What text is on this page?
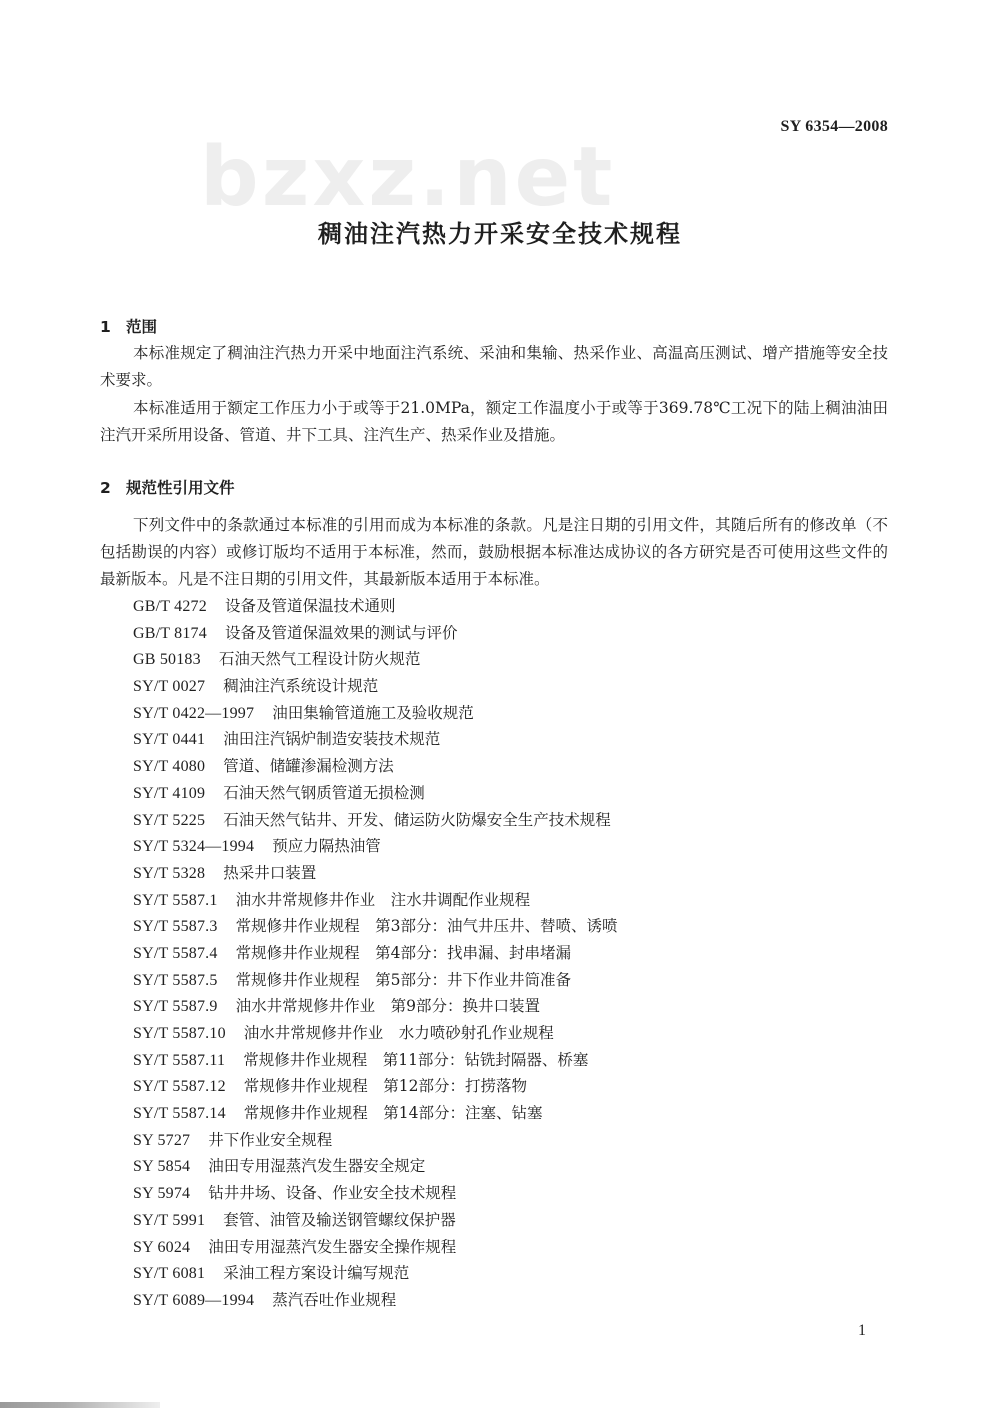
SY 6354—2008
bzxz.net
稠油注汽热力开采安全技术规程
1 范围

本标准规定了稠油注汽热力开采中地面注汽系统、采油和集输、热采作业、高温高压测试、增产措施等安全技术要求。

本标准适用于额定工作压力小于或等于21.0MPa，额定工作温度小于或等于369.78℃工况下的陆上稠油油田注汽开采所用设备、管道、井下工具、注汽生产、热采作业及措施。

2 规范性引用文件

下列文件中的条款通过本标准的引用而成为本标准的条款。凡是注日期的引用文件，其随后所有的修改单（不包括勘误的内容）或修订版均不适用于本标准，然而，鼓励根据本标准达成协议的各方研究是否可使用这些文件的最新版本。凡是不注日期的引用文件，其最新版本适用于本标准。

GB/T 4272 设备及管道保温技术通则
GB/T 8174 设备及管道保温效果的测试与评价
GB 50183 石油天然气工程设计防火规范
SY/T 0027 稠油注汽系统设计规范
SY/T 0422—1997 油田集输管道施工及验收规范
SY/T 0441 油田注汽锅炉制造安装技术规范
SY/T 4080 管道、储罐渗漏检测方法
SY/T 4109 石油天然气钢质管道无损检测
SY/T 5225 石油天然气钻井、开发、储运防火防爆安全生产技术规程
SY/T 5324—1994 预应力隔热油管
SY/T 5328 热采井口装置
SY/T 5587.1 油水井常规修井作业　注水井调配作业规程
SY/T 5587.3 常规修井作业规程　第3部分：油气井压井、替喷、诱喷
SY/T 5587.4 常规修井作业规程　第4部分：找串漏、封串堵漏
SY/T 5587.5 常规修井作业规程　第5部分：井下作业井筒准备
SY/T 5587.9 油水井常规修井作业　第9部分：换井口装置
SY/T 5587.10 油水井常规修井作业　水力喷砂射孔作业规程
SY/T 5587.11 常规修井作业规程　第11部分：钻铣封隔器、桥塞
SY/T 5587.12 常规修井作业规程　第12部分：打捞落物
SY/T 5587.14 常规修井作业规程　第14部分：注塞、钻塞
SY 5727 井下作业安全规程
SY 5854 油田专用湿蒸汽发生器安全规定
SY 5974 钻井井场、设备、作业安全技术规程
SY/T 5991 套管、油管及输送钢管螺纹保护器
SY 6024 油田专用湿蒸汽发生器安全操作规程
SY/T 6081 采油工程方案设计编写规范
SY/T 6089—1994 蒸汽吞吐作业规程
1
